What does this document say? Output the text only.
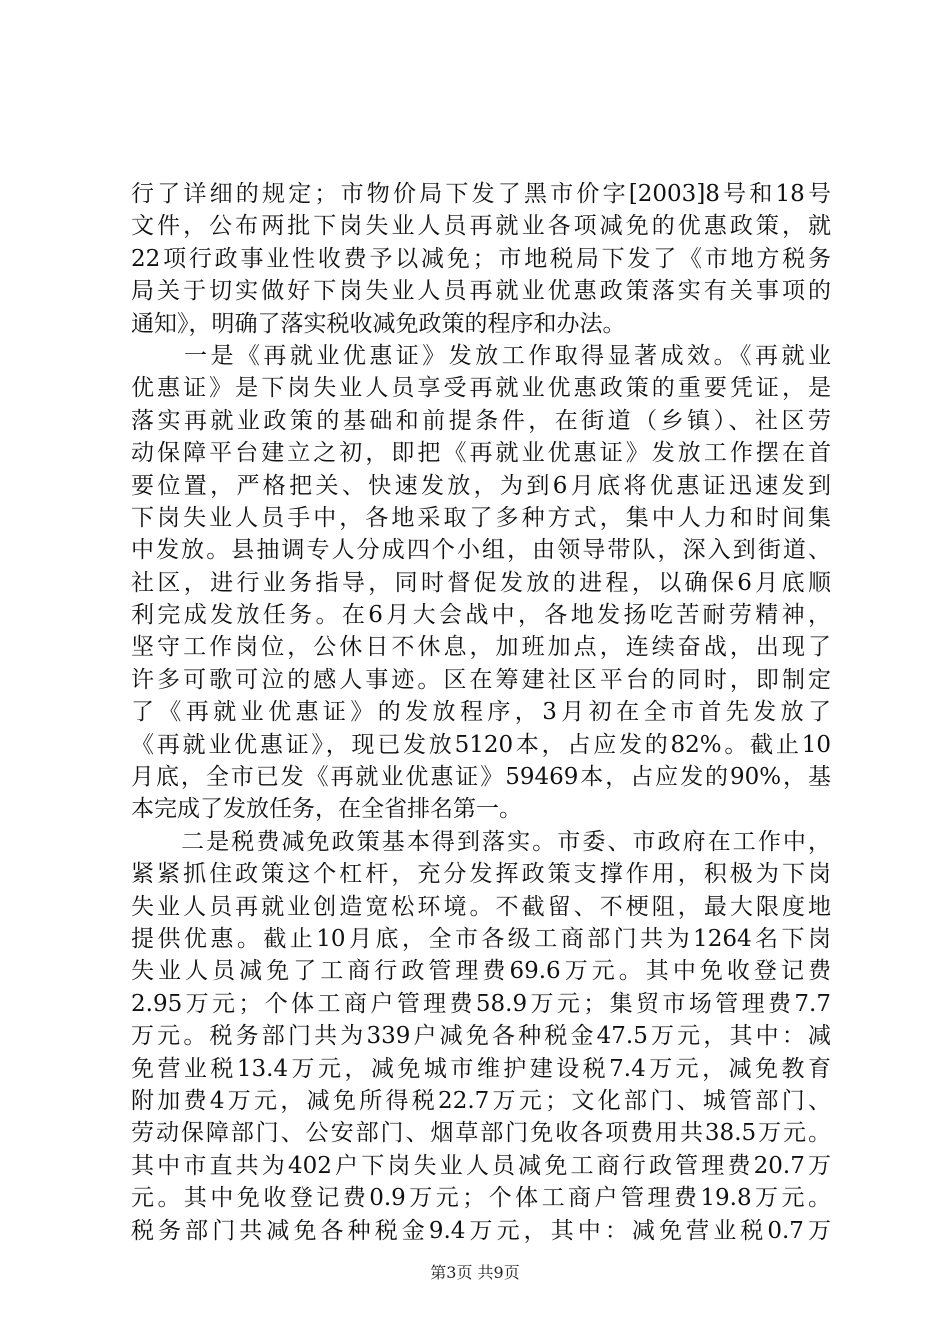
行了详细的规定；市物价局下发了黑市价字[2003]8号和18号
文件，公布两批下岗失业人员再就业各项减免的优惠政策，就
22项行政事业性收费予以减免；市地税局下发了《市地方税务
局关于切实做好下岗失业人员再就业优惠政策落实有关事项的
通知》，明确了落实税收减免政策的程序和办法。
　　一是《再就业优惠证》发放工作取得显著成效。《再就业
优惠证》是下岗失业人员享受再就业优惠政策的重要凭证，是
落实再就业政策的基础和前提条件，在街道（乡镇）、社区劳
动保障平台建立之初，即把《再就业优惠证》发放工作摆在首
要位置，严格把关、快速发放，为到6月底将优惠证迅速发到
下岗失业人员手中，各地采取了多种方式，集中人力和时间集
中发放。县抽调专人分成四个小组，由领导带队，深入到街道、
社区，进行业务指导，同时督促发放的进程，以确保6月底顺
利完成发放任务。在6月大会战中，各地发扬吃苦耐劳精神，
坚守工作岗位，公休日不休息，加班加点，连续奋战，出现了
许多可歌可泣的感人事迹。区在筹建社区平台的同时，即制定
了《再就业优惠证》的发放程序，3月初在全市首先发放了
《再就业优惠证》，现已发放5120本，占应发的82%。截止10
月底，全市已发《再就业优惠证》59469本，占应发的90%，基
本完成了发放任务，在全省排名第一。
　　二是税费减免政策基本得到落实。市委、市政府在工作中，
紧紧抓住政策这个杠杆，充分发挥政策支撑作用，积极为下岗
失业人员再就业创造宽松环境。不截留、不梗阻，最大限度地
提供优惠。截止10月底，全市各级工商部门共为1264名下岗
失业人员减免了工商行政管理费69.6万元。其中免收登记费
2.95万元；个体工商户管理费58.9万元；集贸市场管理费7.7
万元。税务部门共为339户减免各种税金47.5万元，其中：减
免营业税13.4万元，减免城市维护建设税7.4万元，减免教育
附加费4万元，减免所得税22.7万元；文化部门、城管部门、
劳动保障部门、公安部门、烟草部门免收各项费用共38.5万元。
其中市直共为402户下岗失业人员减免工商行政管理费20.7万
元。其中免收登记费0.9万元；个体工商户管理费19.8万元。
税务部门共减免各种税金9.4万元，其中：减免营业税0.7万
第3页 共9页
